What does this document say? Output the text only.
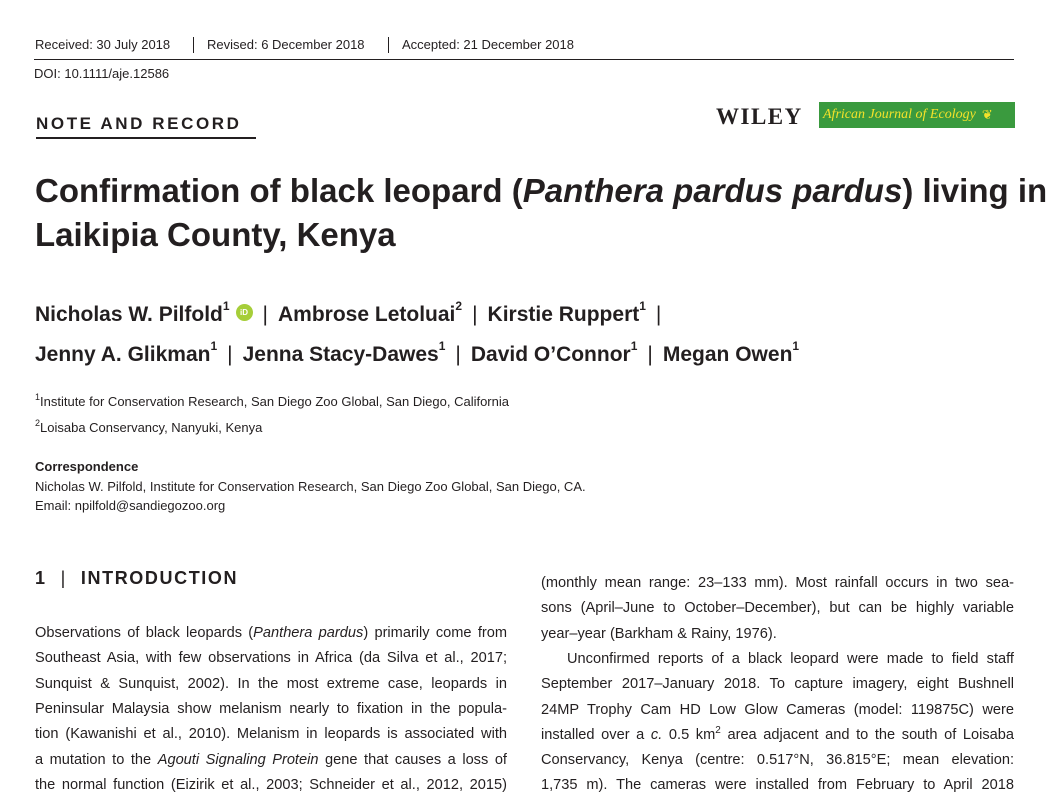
Received: 30 July 2018	Revised: 6 December 2018	Accepted: 21 December 2018
DOI: 10.1111/aje.12586
NOTE AND RECORD	WILEY African Journal of Ecology ❦
Confirmation of black leopard (Panthera pardus pardus) living in
Laikipia County, Kenya
Nicholas W. Pilfold$^1$ iD | Ambrose Letoluai$^2$ | Kirstie Ruppert$^1$ |
Jenny A. Glikman$^1$ | Jenna Stacy-Dawes$^1$ | David O’Connor$^1$ | Megan Owen$^1$
$^1$Institute for Conservation Research, San Diego Zoo Global, San Diego, California
$^2$Loisaba Conservancy, Nanyuki, Kenya
Correspondence
Nicholas W. Pilfold, Institute for Conservation Research, San Diego Zoo Global, San Diego, CA.
Email: npilfold@sandiegozoo.org
1 | INTRODUCTION
Observations of black leopards (Panthera pardus) primarily come from
Southeast Asia, with few observations in Africa (da Silva et al., 2017;
Sunquist & Sunquist, 2002). In the most extreme case, leopards in
Peninsular Malaysia show melanism nearly to fixation in the popula-
tion (Kawanishi et al., 2010). Melanism in leopards is associated with
a mutation to the Agouti Signaling Protein gene that causes a loss of
the normal function (Eizirik et al., 2003; Schneider et al., 2012, 2015)
(monthly mean range: 23–133 mm). Most rainfall occurs in two sea-
sons (April–June to October–December), but can be highly variable
year–year (Barkham & Rainy, 1976).
Unconfirmed reports of a black leopard were made to field staff
September 2017–January 2018. To capture imagery, eight Bushnell
24MP Trophy Cam HD Low Glow Cameras (model: 119875C) were
installed over a c. 0.5 $km^2$ area adjacent and to the south of Loisaba
Conservancy, Kenya (centre: 0.517°N, 36.815°E; mean elevation:
1,735 m). The cameras were installed from February to April 2018
